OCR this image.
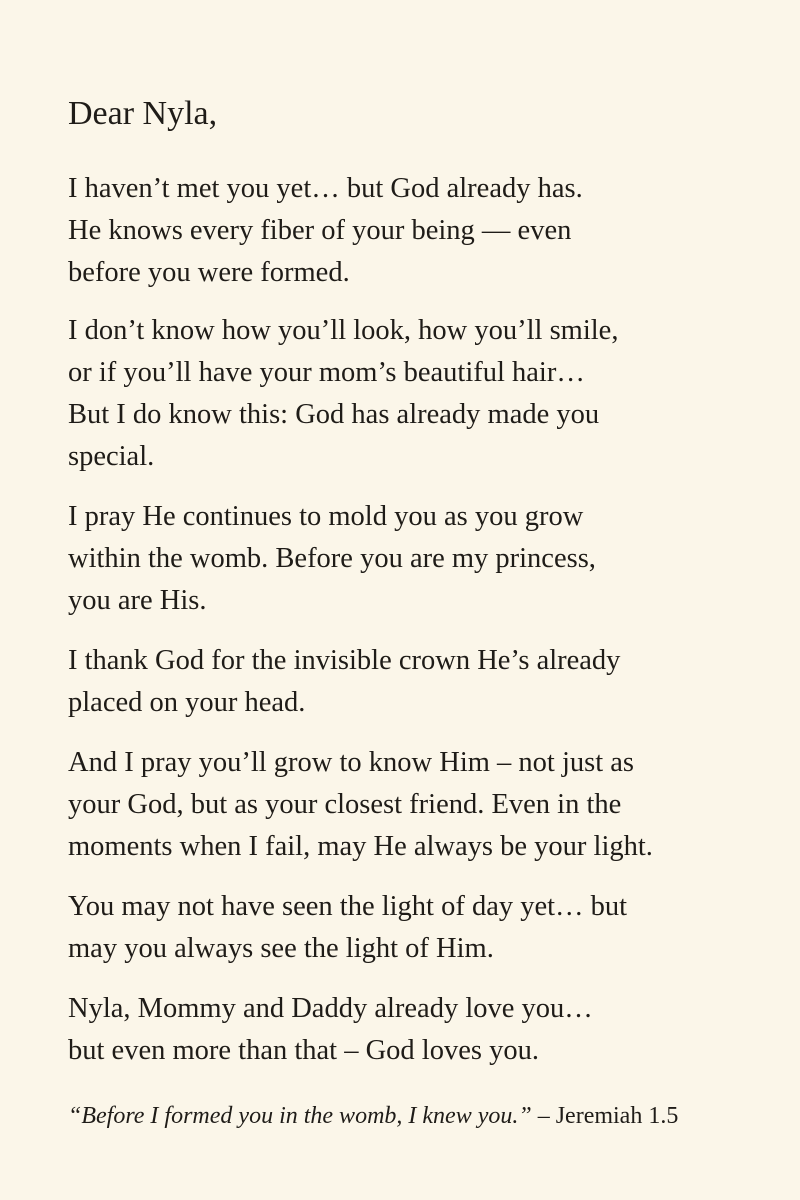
Dear Nyla,

I haven’t met you yet… but God already has.
He knows every fiber of your being — even
before you were formed.

I don’t know how you’ll look, how you’ll smile,
or if you’ll have your mom’s beautiful hair…
But I do know this: God has already made you
special.

I pray He continues to mold you as you grow
within the womb. Before you are my princess,
you are His.

I thank God for the invisible crown He’s already
placed on your head.

And I pray you’ll grow to know Him – not just as
your God, but as your closest friend. Even in the
moments when I fail, may He always be your light.

You may not have seen the light of day yet… but
may you always see the light of Him.

Nyla, Mommy and Daddy already love you…
but even more than that – God loves you.

“Before I formed you in the womb, I knew you.” – Jeremiah 1.5
